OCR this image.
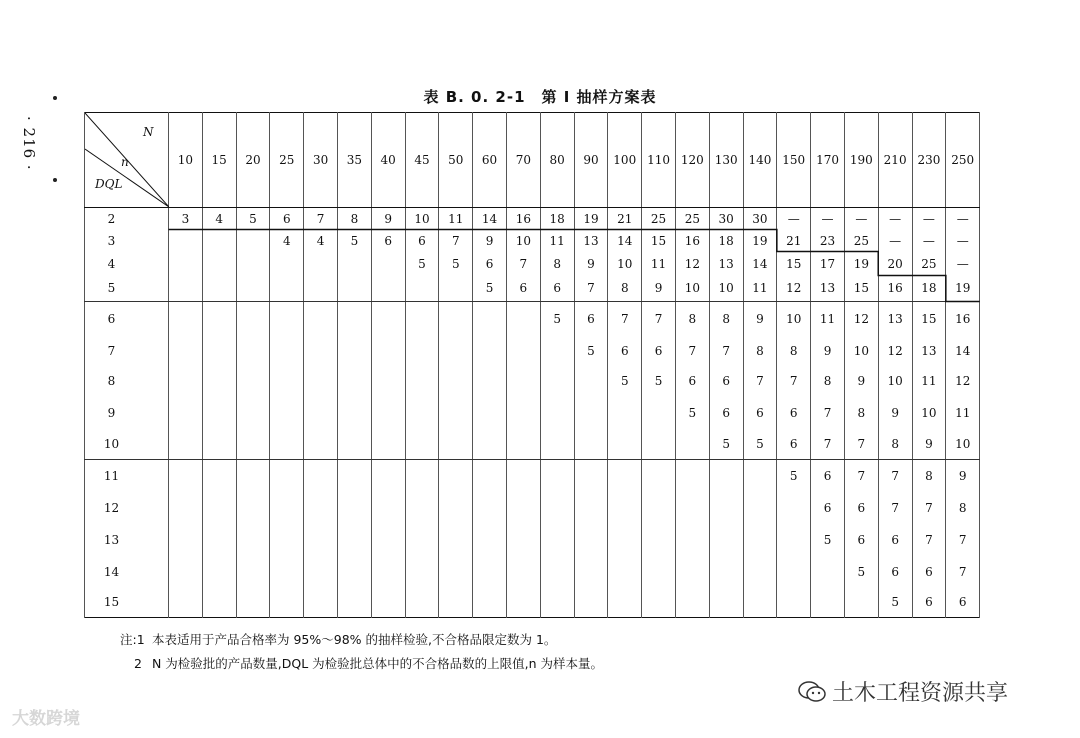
· 216 ·
表 B. 0. 2-1　第 Ⅰ 抽样方案表
N
n
DQL	10	15	20	25	30	35	40	45	50	60	70	80	90	100	110	120	130	140	150	170	190	210	230	250
2	3	4	5	6	7	8	9	10	11	14	16	18	19	21	25	25	30	30	—	—	—	—	—	—
3				4	4	5	6	6	7	9	10	11	13	14	15	16	18	19	21	23	25	—	—	—
4								5	5	6	7	8	9	10	11	12	13	14	15	17	19	20	25	—
5										5	6	6	7	8	9	10	10	11	12	13	15	16	18	19
6												5	6	7	7	8	8	9	10	11	12	13	15	16
7													5	6	6	7	7	8	8	9	10	12	13	14
8														5	5	6	6	7	7	8	9	10	11	12
9																5	6	6	6	7	8	9	10	11
10																	5	5	6	7	7	8	9	10
11																			5	6	7	7	8	9
12																				6	6	7	7	8
13																				5	6	6	7	7
14																					5	6	6	7
15																						5	6	6
注:1 本表适用于产品合格率为 95%～98% 的抽样检验,不合格品限定数为 1。
2 N 为检验批的产品数量,DQL 为检验批总体中的不合格品数的上限值,n 为样本量。
大数跨境
土木工程资源共享
